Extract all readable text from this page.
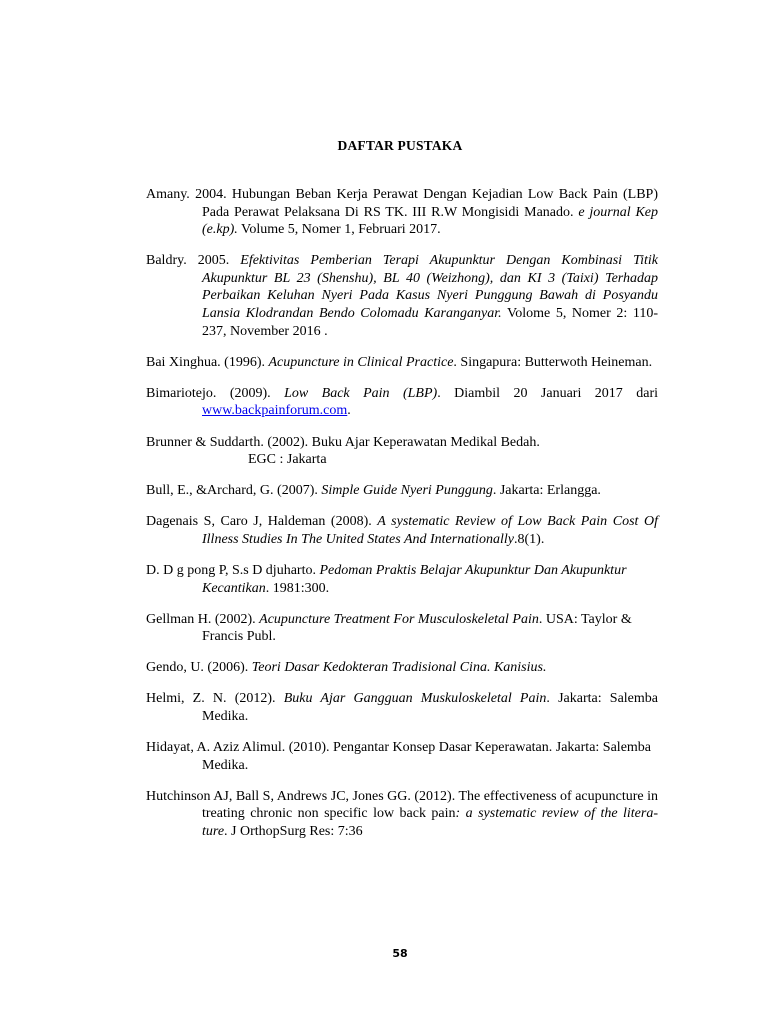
DAFTAR PUSTAKA

Amany. 2004. Hubungan Beban Kerja Perawat Dengan Kejadian Low Back Pain (LBP) Pada Perawat Pelaksana Di RS TK. III R.W Mongisidi Manado. e journal Kep (e.kp). Volume 5, Nomer 1, Februari 2017.

Baldry. 2005. Efektivitas Pemberian Terapi Akupunktur Dengan Kombinasi Titik Akupunktur BL 23 (Shenshu), BL 40 (Weizhong), dan KI 3 (Taixi) Terhadap Perbaikan Keluhan Nyeri Pada Kasus Nyeri Punggung Bawah di Posyandu Lansia Klodrandan Bendo Colomadu Karanganyar. Volome 5, Nomer 2: 110-237, November 2016 .

Bai Xinghua. (1996). Acupuncture in Clinical Practice. Singapura: Butterwoth Heineman.

Bimariotejo. (2009). Low Back Pain (LBP). Diambil 20 Januari 2017 dari www.backpainforum.com.

Brunner & Suddarth. (2002). Buku Ajar Keperawatan Medikal Bedah.
EGC : Jakarta

Bull, E., &Archard, G. (2007). Simple Guide Nyeri Punggung. Jakarta: Erlangga.

Dagenais S, Caro J, Haldeman (2008). A systematic Review of Low Back Pain Cost Of Illness Studies In The United States And Internationally.8(1).

D. D g pong P, S.s D djuharto. Pedoman Praktis Belajar Akupunktur Dan Akupunktur Kecantikan. 1981:300.

Gellman H. (2002). Acupuncture Treatment For Musculoskeletal Pain. USA: Taylor & Francis Publ.

Gendo, U. (2006). Teori Dasar Kedokteran Tradisional Cina. Kanisius.

Helmi, Z. N. (2012). Buku Ajar Gangguan Muskuloskeletal Pain. Jakarta: Salemba Medika.

Hidayat, A. Aziz Alimul. (2010). Pengantar Konsep Dasar Keperawatan. Jakarta: Salemba Medika.

Hutchinson AJ, Ball S, Andrews JC, Jones GG. (2012). The effectiveness of acupuncture in treating chronic non specific low back pain: a systematic review of the litera-ture. J OrthopSurg Res: 7:36

58
